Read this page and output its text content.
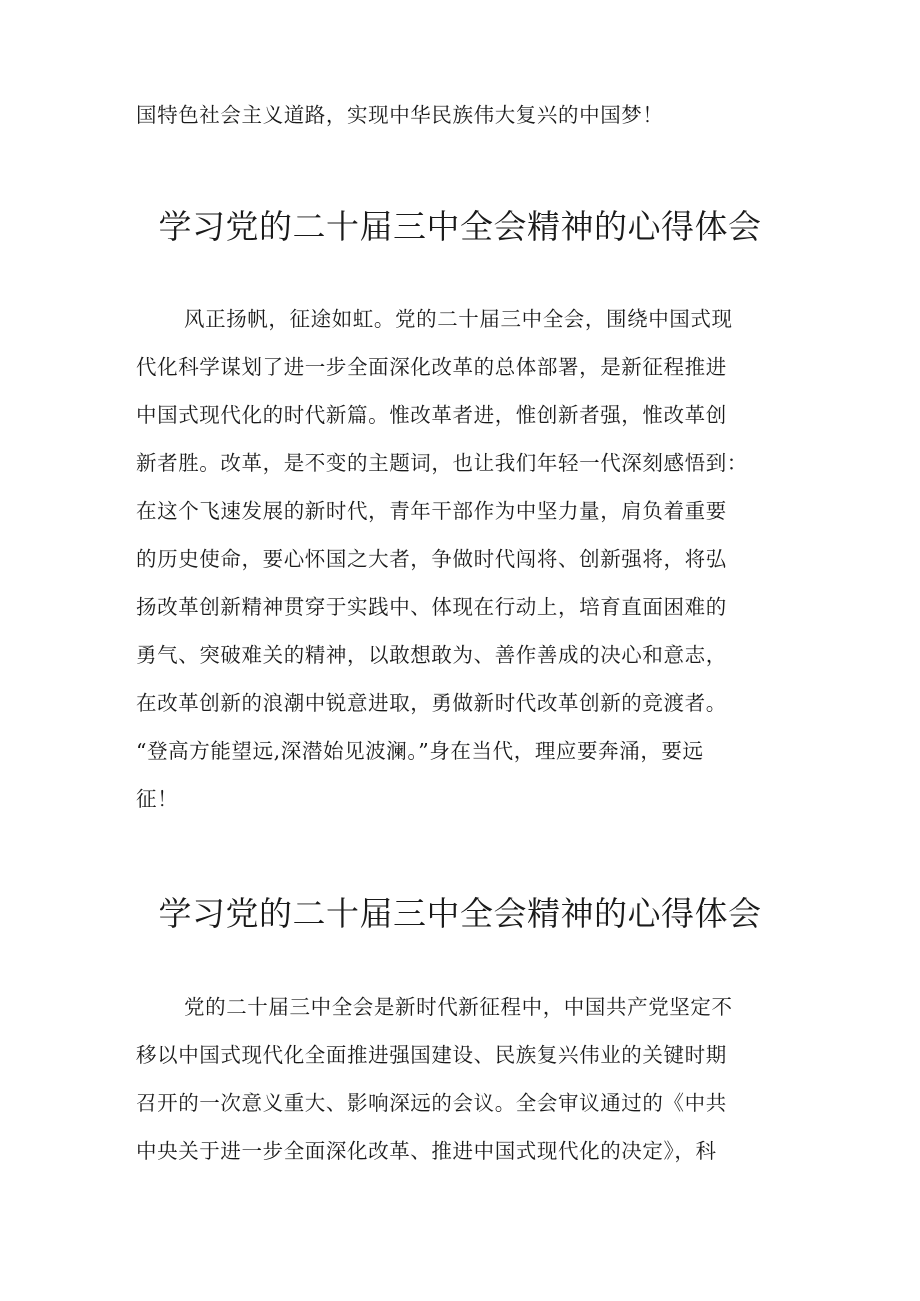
国特色社会主义道路，实现中华民族伟大复兴的中国梦！
学习党的二十届三中全会精神的心得体会
风正扬帆，征途如虹。党的二十届三中全会，围绕中国式现
代化科学谋划了进一步全面深化改革的总体部署，是新征程推进
中国式现代化的时代新篇。惟改革者进，惟创新者强，惟改革创
新者胜。改革，是不变的主题词，也让我们年轻一代深刻感悟到：
在这个飞速发展的新时代，青年干部作为中坚力量，肩负着重要
的历史使命，要心怀国之大者，争做时代闯将、创新强将，将弘
扬改革创新精神贯穿于实践中、体现在行动上，培育直面困难的
勇气、突破难关的精神，以敢想敢为、善作善成的决心和意志，
在改革创新的浪潮中锐意进取，勇做新时代改革创新的竞渡者。
“登高方能望远,深潜始见波澜。”身在当代，理应要奔涌，要远
征！
学习党的二十届三中全会精神的心得体会
党的二十届三中全会是新时代新征程中，中国共产党坚定不
移以中国式现代化全面推进强国建设、民族复兴伟业的关键时期
召开的一次意义重大、影响深远的会议。全会审议通过的《中共
中央关于进一步全面深化改革、推进中国式现代化的决定》，科
